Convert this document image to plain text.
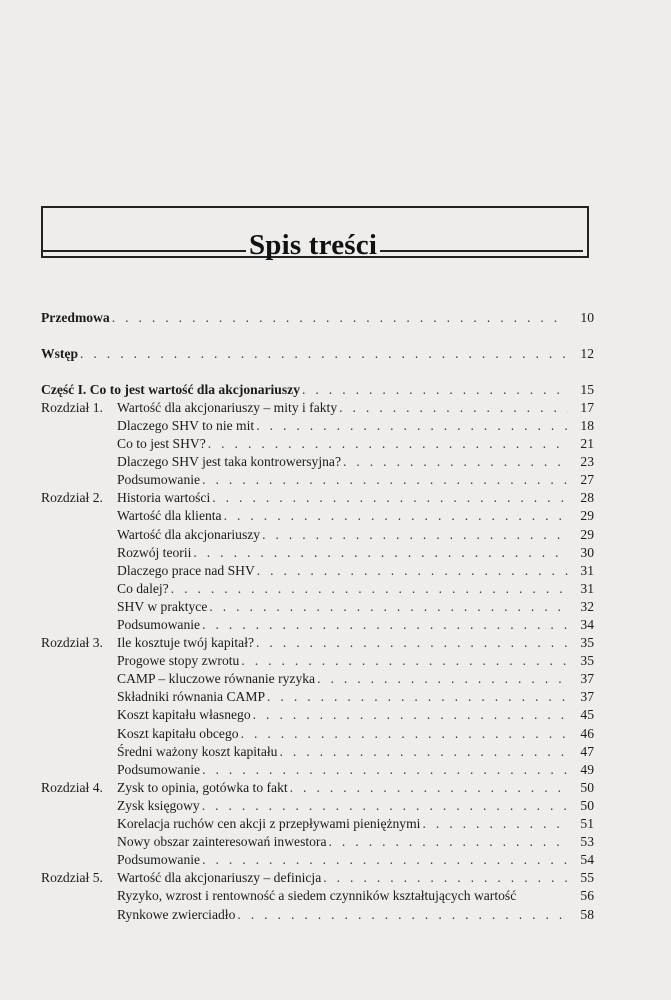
Spis treści
Przedmowa . . .	10
Wstęp . . .	12
Część I. Co to jest wartość dla akcjonariuszy . . .	15
Rozdział 1.	Wartość dla akcjonariuszy – mity i fakty . . .	17
Dlaczego SHV to nie mit . . .	18
Co to jest SHV? . . .	21
Dlaczego SHV jest taka kontrowersyjna? . . .	23
Podsumowanie . . .	27
Rozdział 2.	Historia wartości . . .	28
Wartość dla klienta . . .	29
Wartość dla akcjonariuszy . . .	29
Rozwój teorii . . .	30
Dlaczego prace nad SHV . . .	31
Co dalej? . . .	31
SHV w praktyce . . .	32
Podsumowanie . . .	34
Rozdział 3.	Ile kosztuje twój kapitał? . . .	35
Progowe stopy zwrotu . . .	35
CAMP – kluczowe równanie ryzyka . . .	37
Składniki równania CAMP . . .	37
Koszt kapitału własnego . . .	45
Koszt kapitału obcego . . .	46
Średni ważony koszt kapitału . . .	47
Podsumowanie . . .	49
Rozdział 4.	Zysk to opinia, gotówka to fakt . . .	50
Zysk księgowy . . .	50
Korelacja ruchów cen akcji z przepływami pieniężnymi . . .	51
Nowy obszar zainteresowań inwestora . . .	53
Podsumowanie . . .	54
Rozdział 5.	Wartość dla akcjonariuszy – definicja . . .	55
Ryzyko, wzrost i rentowność a siedem czynników kształtujących wartość	56
Rynkowe zwierciadło . . .	58
